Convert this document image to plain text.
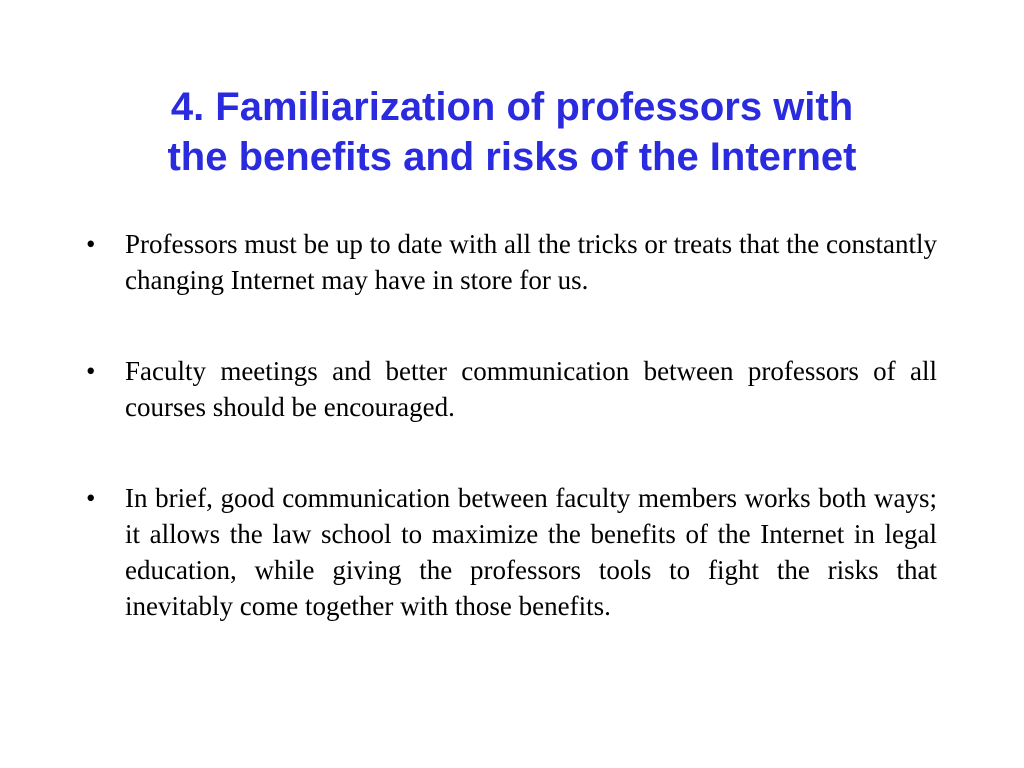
4. Familiarization of professors with
the benefits and risks of the Internet
• Professors must be up to date with all the tricks or treats that the constantly changing Internet may have in store for us.
• Faculty meetings and better communication between professors of all courses should be encouraged.
• In brief, good communication between faculty members works both ways; it allows the law school to maximize the benefits of the Internet in legal education, while giving the professors tools to fight the risks that inevitably come together with those benefits.
